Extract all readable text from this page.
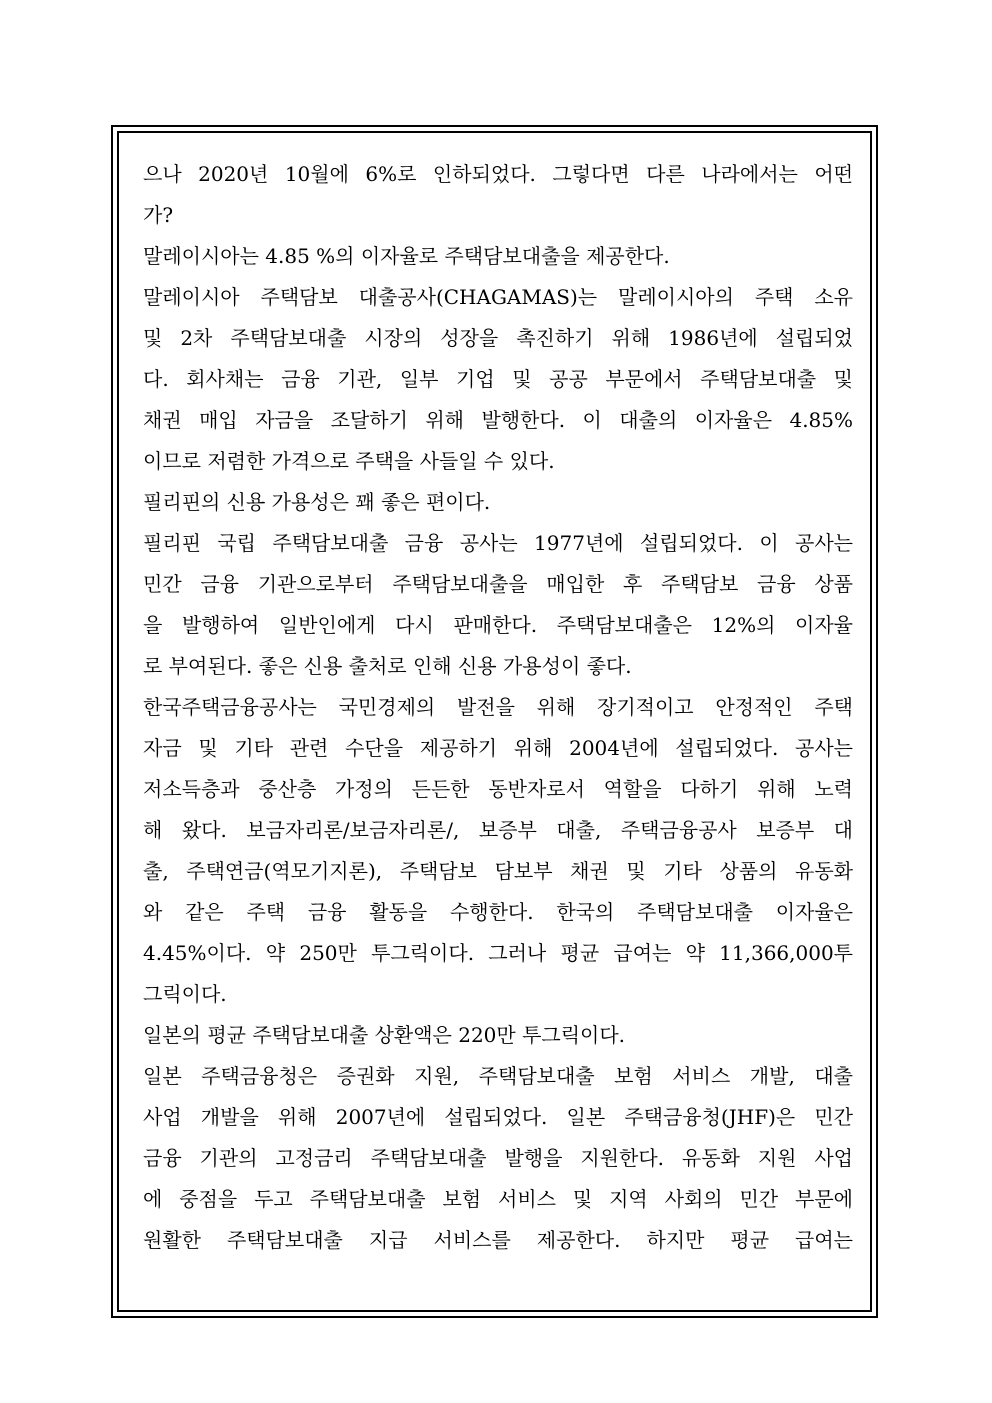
으나 2020년 10월에 6%로 인하되었다. 그렇다면 다른 나라에서는 어떤
가?
말레이시아는 4.85 %의 이자율로 주택담보대출을 제공한다.
말레이시아 주택담보 대출공사(CHAGAMAS)는 말레이시아의 주택 소유
및 2차 주택담보대출 시장의 성장을 촉진하기 위해 1986년에 설립되었
다. 회사채는 금융 기관, 일부 기업 및 공공 부문에서 주택담보대출 및
채권 매입 자금을 조달하기 위해 발행한다. 이 대출의 이자율은 4.85%
이므로 저렴한 가격으로 주택을 사들일 수 있다.
필리핀의 신용 가용성은 꽤 좋은 편이다.
필리핀 국립 주택담보대출 금융 공사는 1977년에 설립되었다. 이 공사는
민간 금융 기관으로부터 주택담보대출을 매입한 후 주택담보 금융 상품
을 발행하여 일반인에게 다시 판매한다. 주택담보대출은 12%의 이자율
로 부여된다. 좋은 신용 출처로 인해 신용 가용성이 좋다.
한국주택금융공사는 국민경제의 발전을 위해 장기적이고 안정적인 주택
자금 및 기타 관련 수단을 제공하기 위해 2004년에 설립되었다. 공사는
저소득층과 중산층 가정의 든든한 동반자로서 역할을 다하기 위해 노력
해 왔다. 보금자리론/보금자리론/, 보증부 대출, 주택금융공사 보증부 대
출, 주택연금(역모기지론), 주택담보 담보부 채권 및 기타 상품의 유동화
와 같은 주택 금융 활동을 수행한다. 한국의 주택담보대출 이자율은
4.45%이다. 약 250만 투그릭이다. 그러나 평균 급여는 약 11,366,000투
그릭이다.
일본의 평균 주택담보대출 상환액은 220만 투그릭이다.
일본 주택금융청은 증권화 지원, 주택담보대출 보험 서비스 개발, 대출
사업 개발을 위해 2007년에 설립되었다. 일본 주택금융청(JHF)은 민간
금융 기관의 고정금리 주택담보대출 발행을 지원한다. 유동화 지원 사업
에 중점을 두고 주택담보대출 보험 서비스 및 지역 사회의 민간 부문에
원활한 주택담보대출 지급 서비스를 제공한다. 하지만 평균 급여는
